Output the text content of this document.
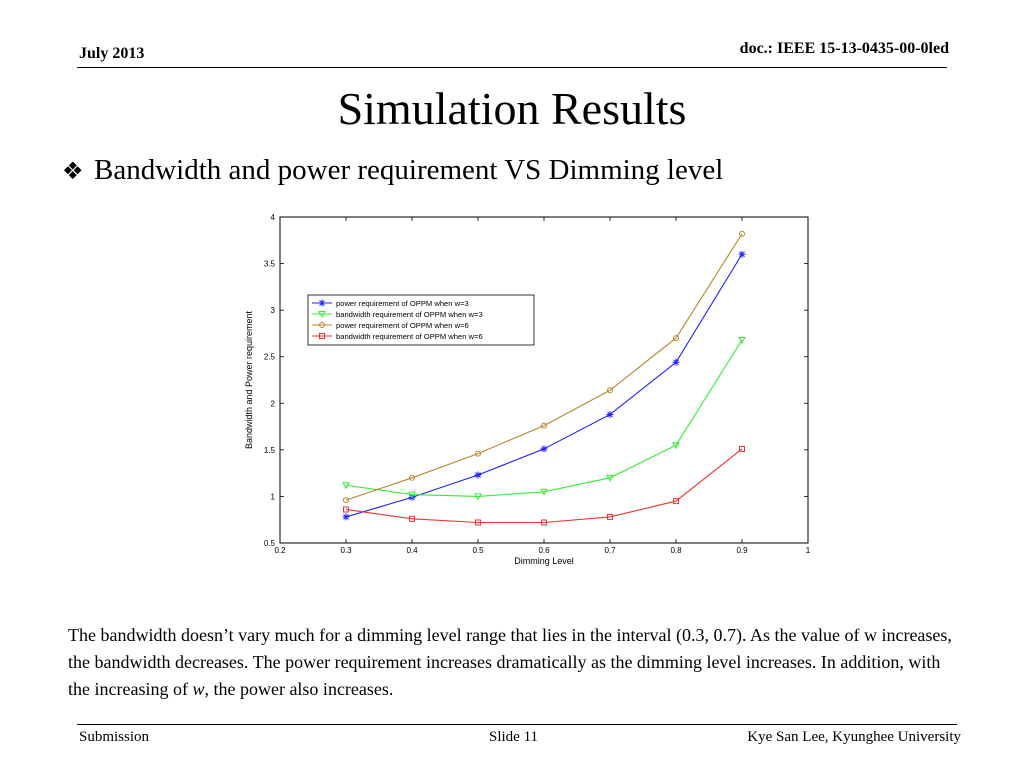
July 2013	doc.: IEEE 15-13-0435-00-0led
Simulation Results
❖ Bandwidth and power requirement VS Dimming level
0.2	0.3	0.4	0.5	0.6	0.7	0.8	0.9	1
0.5
1
1.5
2
2.5
3
3.5
4
Dimming Level
Bandwidth and Power requirement
power requirement of OPPM when w=3
bandwidth requirement of OPPM when w=3
power requirement of OPPM when w=6
bandwidth requirement of OPPM when w=6
The bandwidth doesn’t vary much for a dimming level range that lies in the interval (0.3, 0.7). As the value of w increases, the bandwidth decreases. The power requirement increases dramatically as the dimming level increases. In addition, with the increasing of w, the power also increases.
Submission	Slide 11	Kye San Lee, Kyunghee University
